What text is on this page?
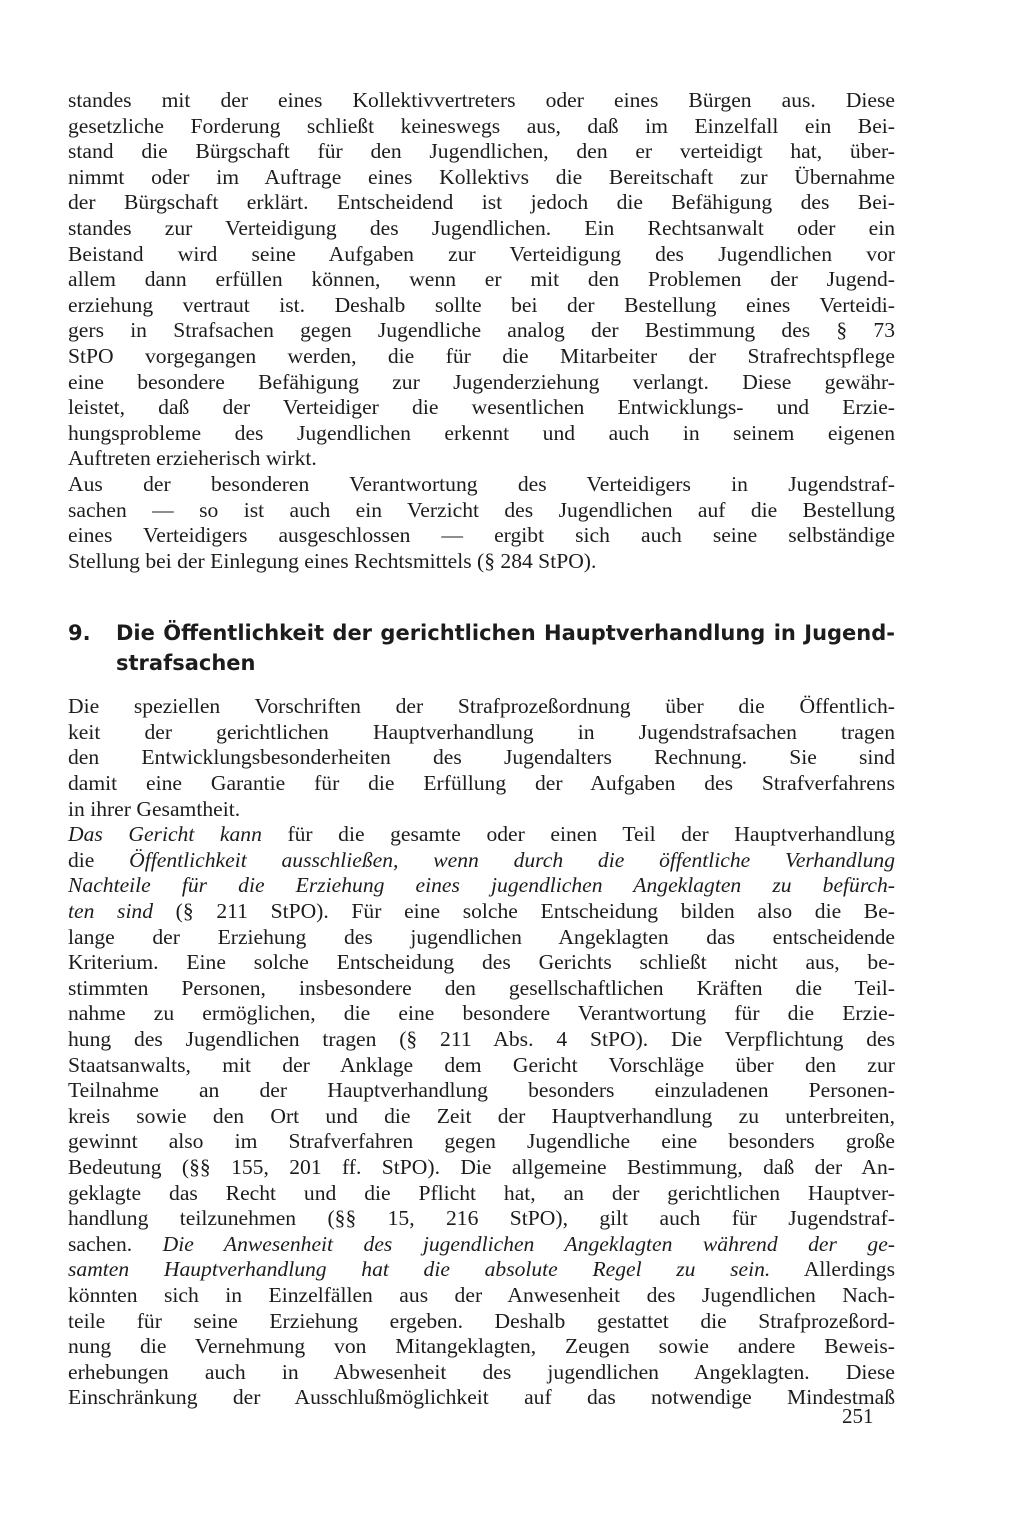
standes mit der eines Kollektivvertreters oder eines Bürgen aus. Diese
gesetzliche Forderung schließt keineswegs aus, daß im Einzelfall ein Bei-
stand die Bürgschaft für den Jugendlichen, den er verteidigt hat, über-
nimmt oder im Auftrage eines Kollektivs die Bereitschaft zur Übernahme
der Bürgschaft erklärt. Entscheidend ist jedoch die Befähigung des Bei-
standes zur Verteidigung des Jugendlichen. Ein Rechtsanwalt oder ein
Beistand wird seine Aufgaben zur Verteidigung des Jugendlichen vor
allem dann erfüllen können, wenn er mit den Problemen der Jugend-
erziehung vertraut ist. Deshalb sollte bei der Bestellung eines Verteidi-
gers in Strafsachen gegen Jugendliche analog der Bestimmung des § 73
StPO vorgegangen werden, die für die Mitarbeiter der Strafrechtspflege
eine besondere Befähigung zur Jugenderziehung verlangt. Diese gewähr-
leistet, daß der Verteidiger die wesentlichen Entwicklungs- und Erzie-
hungsprobleme des Jugendlichen erkennt und auch in seinem eigenen
Auftreten erzieherisch wirkt.
Aus der besonderen Verantwortung des Verteidigers in Jugendstraf-
sachen — so ist auch ein Verzicht des Jugendlichen auf die Bestellung
eines Verteidigers ausgeschlossen — ergibt sich auch seine selbständige
Stellung bei der Einlegung eines Rechtsmittels (§ 284 StPO).
9. Die Öffentlichkeit der gerichtlichen Hauptverhandlung in Jugend-
strafsachen
Die speziellen Vorschriften der Strafprozeßordnung über die Öffentlich-
keit der gerichtlichen Hauptverhandlung in Jugendstrafsachen tragen
den Entwicklungsbesonderheiten des Jugendalters Rechnung. Sie sind
damit eine Garantie für die Erfüllung der Aufgaben des Strafverfahrens
in ihrer Gesamtheit.
Das Gericht kann für die gesamte oder einen Teil der Hauptverhandlung
die Öffentlichkeit ausschließen, wenn durch die öffentliche Verhandlung
Nachteile für die Erziehung eines jugendlichen Angeklagten zu befürch-
ten sind (§ 211 StPO). Für eine solche Entscheidung bilden also die Be-
lange der Erziehung des jugendlichen Angeklagten das entscheidende
Kriterium. Eine solche Entscheidung des Gerichts schließt nicht aus, be-
stimmten Personen, insbesondere den gesellschaftlichen Kräften die Teil-
nahme zu ermöglichen, die eine besondere Verantwortung für die Erzie-
hung des Jugendlichen tragen (§ 211 Abs. 4 StPO). Die Verpflichtung des
Staatsanwalts, mit der Anklage dem Gericht Vorschläge über den zur
Teilnahme an der Hauptverhandlung besonders einzuladenen Personen-
kreis sowie den Ort und die Zeit der Hauptverhandlung zu unterbreiten,
gewinnt also im Strafverfahren gegen Jugendliche eine besonders große
Bedeutung (§§ 155, 201 ff. StPO). Die allgemeine Bestimmung, daß der An-
geklagte das Recht und die Pflicht hat, an der gerichtlichen Hauptver-
handlung teilzunehmen (§§ 15, 216 StPO), gilt auch für Jugendstraf-
sachen. Die Anwesenheit des jugendlichen Angeklagten während der ge-
samten Hauptverhandlung hat die absolute Regel zu sein. Allerdings
könnten sich in Einzelfällen aus der Anwesenheit des Jugendlichen Nach-
teile für seine Erziehung ergeben. Deshalb gestattet die Strafprozeßord-
nung die Vernehmung von Mitangeklagten, Zeugen sowie andere Beweis-
erhebungen auch in Abwesenheit des jugendlichen Angeklagten. Diese
Einschränkung der Ausschlußmöglichkeit auf das notwendige Mindestmaß
251
